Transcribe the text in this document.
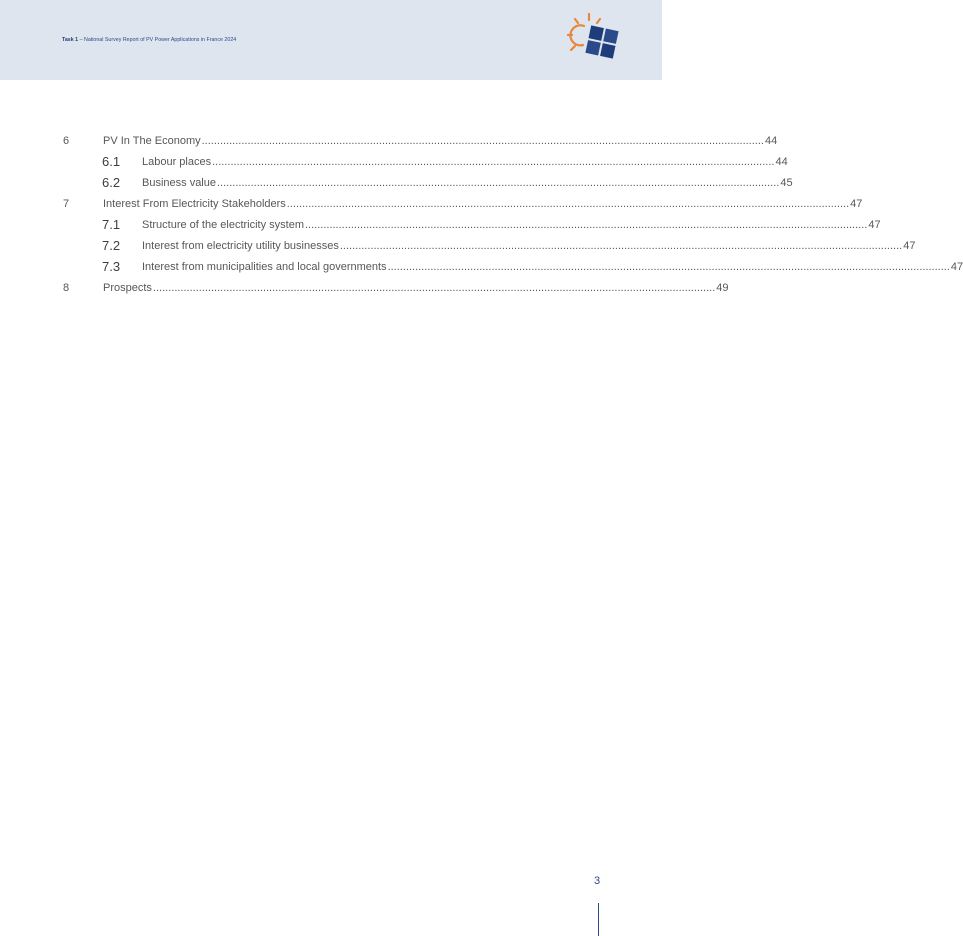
Task 1 – National Survey Report of PV Power Applications in France 2024
6	PV In The Economy ........................................................................................................................................................................................ 44
6.1 Labour places ........................................................................................................................................................................................ 44
6.2 Business value ........................................................................................................................................................................................ 45
7	Interest From Electricity Stakeholders ........................................................................................................................................................................................ 47
7.1 Structure of the electricity system ........................................................................................................................................................................................ 47
7.2 Interest from electricity utility businesses ........................................................................................................................................................................................ 47
7.3 Interest from municipalities and local governments ........................................................................................................................................................................................ 47
8	Prospects ........................................................................................................................................................................................ 49
3
